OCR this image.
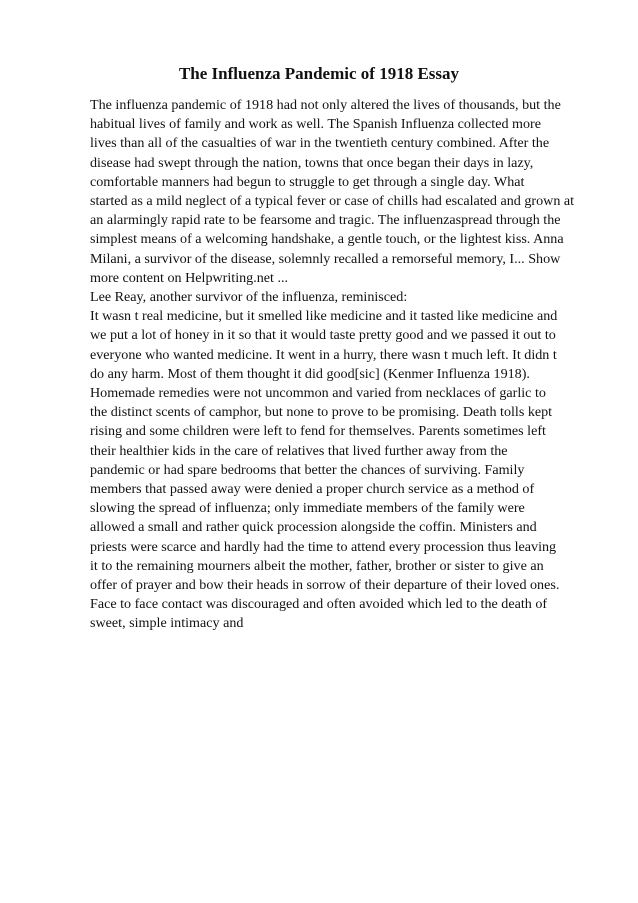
The Influenza Pandemic of 1918 Essay
The influenza pandemic of 1918 had not only altered the lives of thousands, but the
habitual lives of family and work as well. The Spanish Influenza collected more
lives than all of the casualties of war in the twentieth century combined. After the
disease had swept through the nation, towns that once began their days in lazy,
comfortable manners had begun to struggle to get through a single day. What
started as a mild neglect of a typical fever or case of chills had escalated and grown at
an alarmingly rapid rate to be fearsome and tragic. The influenzaspread through the
simplest means of a welcoming handshake, a gentle touch, or the lightest kiss. Anna
Milani, a survivor of the disease, solemnly recalled a remorseful memory, I... Show
more content on Helpwriting.net ...
Lee Reay, another survivor of the influenza, reminisced:
It wasn t real medicine, but it smelled like medicine and it tasted like medicine and
we put a lot of honey in it so that it would taste pretty good and we passed it out to
everyone who wanted medicine. It went in a hurry, there wasn t much left. It didn t
do any harm. Most of them thought it did good[sic] (Kenmer Influenza 1918).
Homemade remedies were not uncommon and varied from necklaces of garlic to
the distinct scents of camphor, but none to prove to be promising. Death tolls kept
rising and some children were left to fend for themselves. Parents sometimes left
their healthier kids in the care of relatives that lived further away from the
pandemic or had spare bedrooms that better the chances of surviving. Family
members that passed away were denied a proper church service as a method of
slowing the spread of influenza; only immediate members of the family were
allowed a small and rather quick procession alongside the coffin. Ministers and
priests were scarce and hardly had the time to attend every procession thus leaving
it to the remaining mourners albeit the mother, father, brother or sister to give an
offer of prayer and bow their heads in sorrow of their departure of their loved ones.
Face to face contact was discouraged and often avoided which led to the death of
sweet, simple intimacy and
